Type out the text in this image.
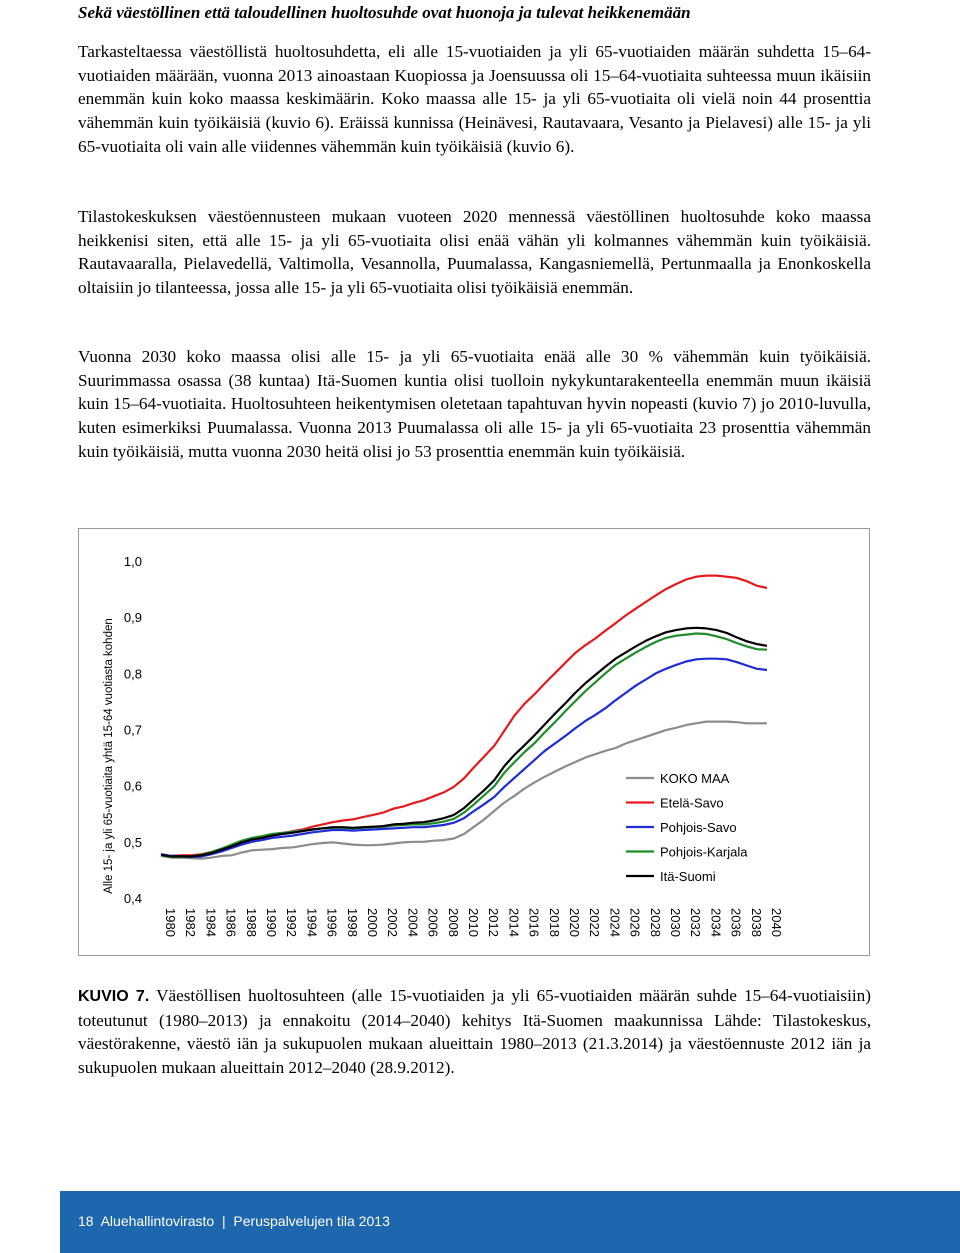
Sekä väestöllinen että taloudellinen huoltosuhde ovat huonoja ja tulevat heikkenemään

Tarkasteltaessa väestöllistä huoltosuhdetta, eli alle 15-vuotiaiden ja yli 65-vuotiaiden määrän suhdetta 15–64-vuotiaiden määrään, vuonna 2013 ainoastaan Kuopiossa ja Joensuussa oli 15–64-vuotiaita suhteessa muun ikäisiin enemmän kuin koko maassa keskimäärin. Koko maassa alle 15- ja yli 65-vuotiaita oli vielä noin 44 prosenttia vähemmän kuin työikäisiä (kuvio 6). Eräissä kunnissa (Heinävesi, Rautavaara, Vesanto ja Pielavesi) alle 15- ja yli 65-vuotiaita oli vain alle viidennes vähemmän kuin työikäisiä (kuvio 6).

Tilastokeskuksen väestöennusteen mukaan vuoteen 2020 mennessä väestöllinen huoltosuhde koko maassa heikkenisi siten, että alle 15- ja yli 65-vuotiaita olisi enää vähän yli kolmannes vähemmän kuin työikäisiä. Rautavaaralla, Pielavedellä, Valtimolla, Vesannolla, Puumalassa, Kangasniemellä, Pertunmaalla ja Enonkoskella oltaisiin jo tilanteessa, jossa alle 15- ja yli 65-vuotiaita olisi työikäisiä enemmän.

Vuonna 2030 koko maassa olisi alle 15- ja yli 65-vuotiaita enää alle 30 % vähemmän kuin työikäisiä. Suurimmassa osassa (38 kuntaa) Itä-Suomen kuntia olisi tuolloin nykykuntarakenteella enemmän muun ikäisiä kuin 15–64-vuotiaita. Huoltosuhteen heikentymisen oletetaan tapahtuvan hyvin nopeasti (kuvio 7) jo 2010-luvulla, kuten esimerkiksi Puumalassa. Vuonna 2013 Puumalassa oli alle 15- ja yli 65-vuotiaita 23 prosenttia vähemmän kuin työikäisiä, mutta vuonna 2030 heitä olisi jo 53 prosenttia enemmän kuin työikäisiä.

Alle 15- ja yli 65-vuotiaita yhtä 15-64 vuotiasta kohden
0,4
0,5
0,6
0,7
0,8
0,9
1,0
1980 1982 1984 1986 1988 1990 1992 1994 1996 1998 2000 2002 2004 2006 2008 2010 2012 2014 2016 2018 2020 2022 2024 2026 2028 2030 2032 2034 2036 2038 2040
KOKO MAA
Etelä-Savo
Pohjois-Savo
Pohjois-Karjala
Itä-Suomi

KUVIO 7. Väestöllisen huoltosuhteen (alle 15-vuotiaiden ja yli 65-vuotiaiden määrän suhde 15–64-vuotiaisiin) toteutunut (1980–2013) ja ennakoitu (2014–2040) kehitys Itä-Suomen maakunnissa Lähde: Tilastokeskus, väestörakenne, väestö iän ja sukupuolen mukaan alueittain 1980–2013 (21.3.2014) ja väestöennuste 2012 iän ja sukupuolen mukaan alueittain 2012–2040 (28.9.2012).

18 Aluehallintovirasto  |  Peruspalvelujen tila 2013
